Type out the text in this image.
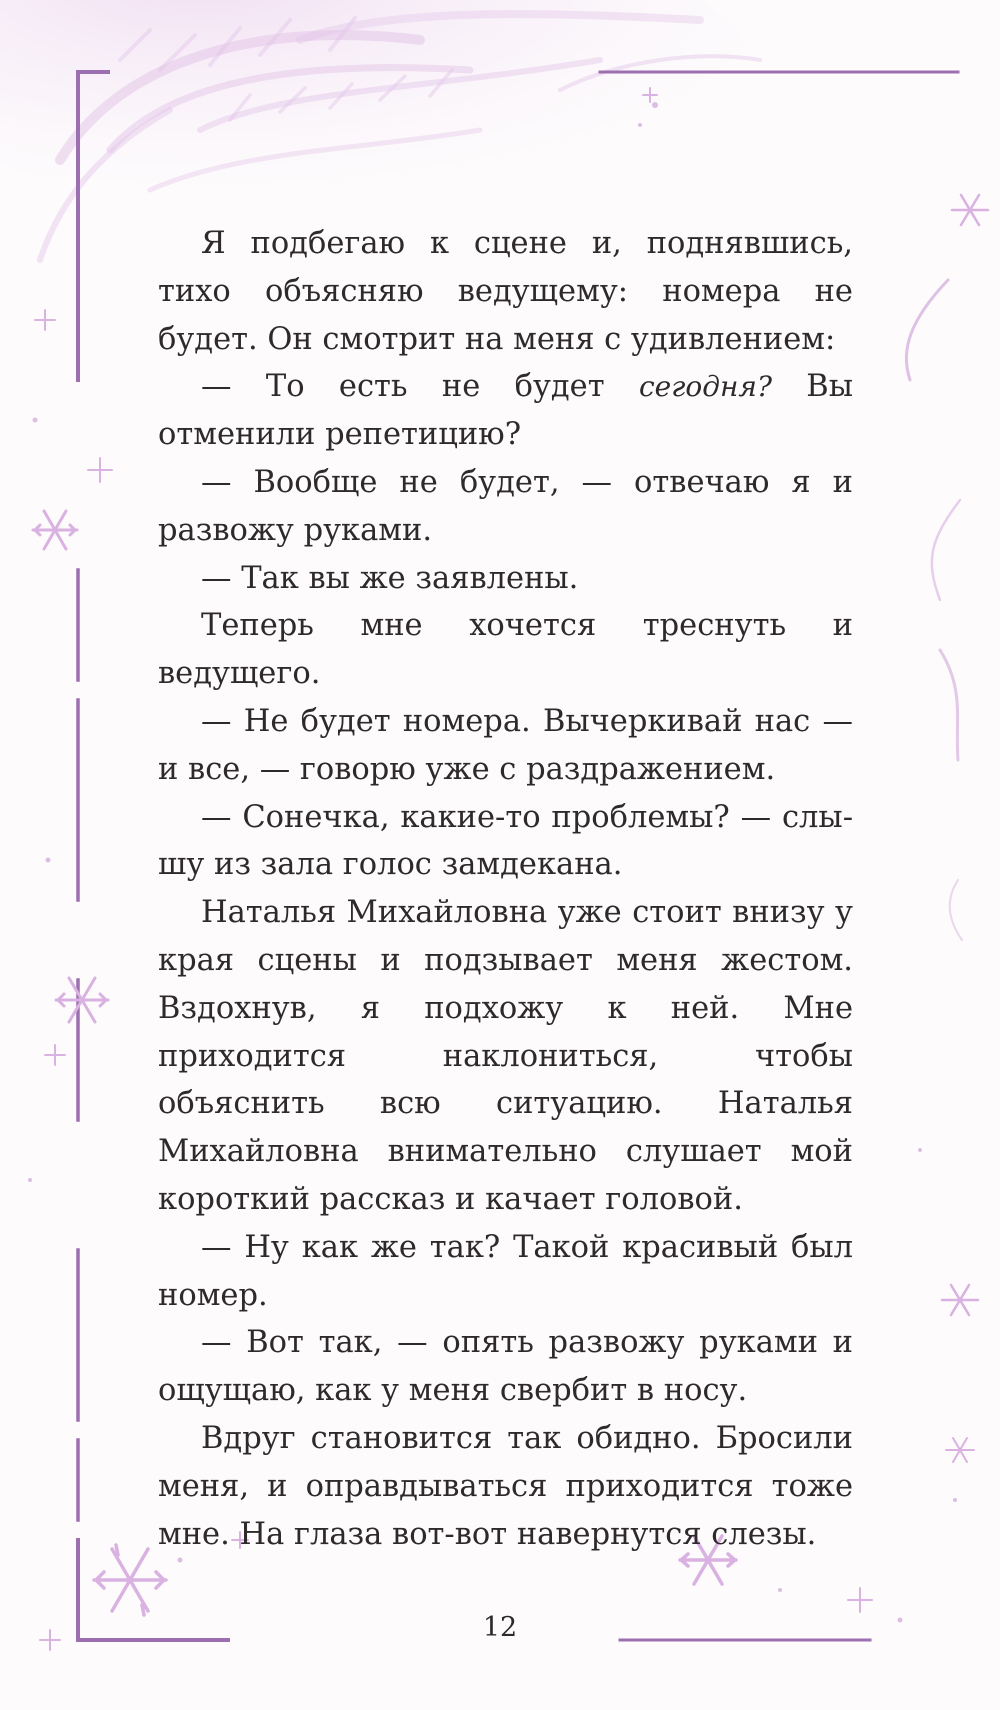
Я подбегаю к сцене и, поднявшись, тихо объясняю ведущему: номера не будет. Он смотрит на меня с удивлением:

— То есть не будет сегодня? Вы отменили репетицию?

— Вообще не будет, — отвечаю я и развожу руками.

— Так вы же заявлены.

Теперь мне хочется треснуть и ведущего.

— Не будет номера. Вычеркивай нас — и все, — говорю уже с раздражением.

— Сонечка, какие-то проблемы? — слышу из зала голос замдекана.

Наталья Михайловна уже стоит внизу у края сцены и подзывает меня жестом. Вздохнув, я подхожу к ней. Мне приходится наклониться, чтобы объяснить всю ситуацию. Наталья Михайловна внимательно слушает мой короткий рассказ и качает головой.

— Ну как же так? Такой красивый был номер.

— Вот так, — опять развожу руками и ощущаю, как у меня свербит в носу.

Вдруг становится так обидно. Бросили меня, и оправдываться приходится тоже мне. На глаза вот-вот навернутся слезы.

12
